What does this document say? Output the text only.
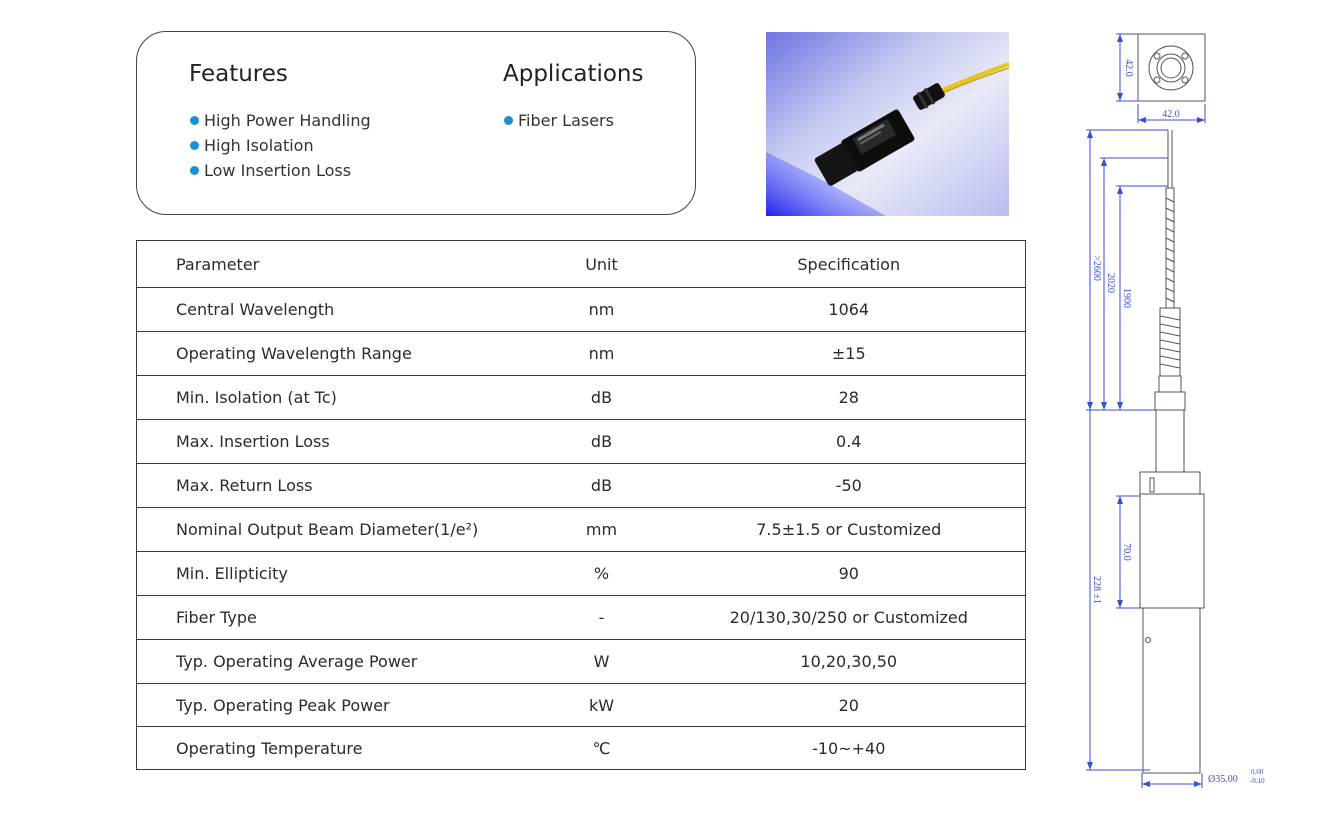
Features
High Power Handling
High Isolation
Low Insertion Loss
Applications
Fiber Lasers
Parameter	Unit	Specification
Central Wavelength	nm	1064
Operating Wavelength Range	nm	±15
Min. Isolation (at Tc)	dB	28
Max. Insertion Loss	dB	0.4
Max. Return Loss	dB	-50
Nominal Output Beam Diameter(1/e²)	mm	7.5±1.5 or Customized
Min. Ellipticity	%	90
Fiber Type	-	20/130,30/250 or Customized
Typ. Operating Average Power	W	10,20,30,50
Typ. Operating Peak Power	kW	20
Operating Temperature	℃	-10~+40
42.0
42.0
>2600
2020
1900
70.0
228 ±1
Ø35.00
0.00
-0.10
